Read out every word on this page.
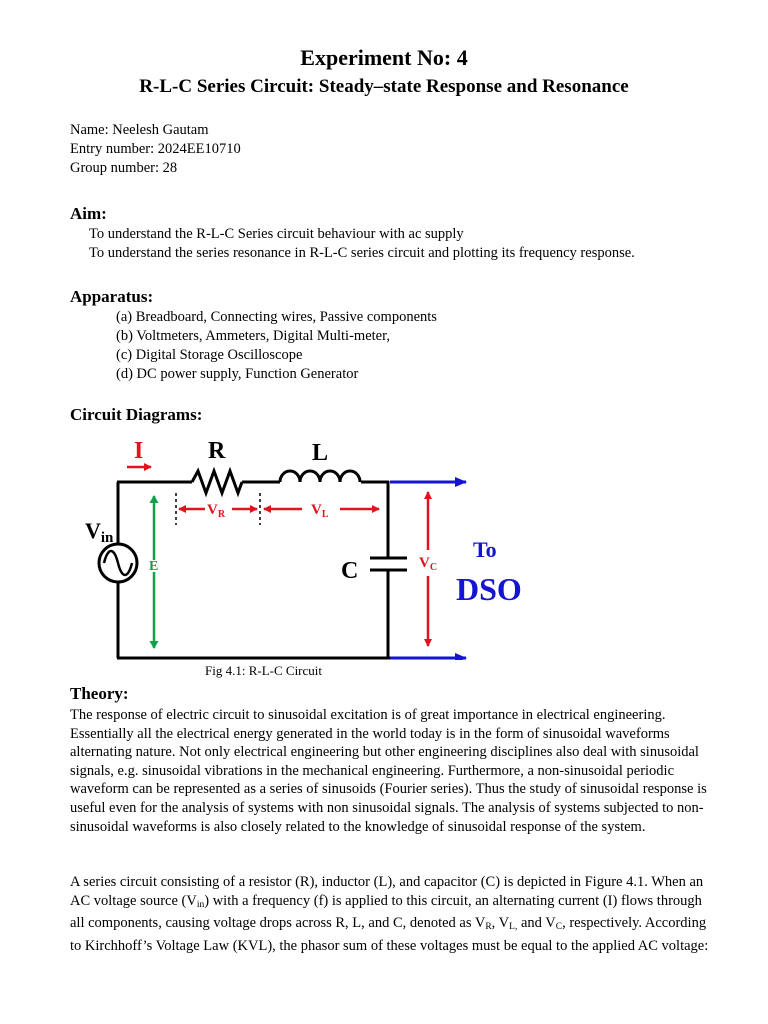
Experiment No: 4
R-L-C Series Circuit: Steady–state Response and Resonance
Name: Neelesh Gautam
Entry number: 2024EE10710
Group number: 28
Aim:
To understand the R-L-C Series circuit behaviour with ac supply
To understand the series resonance in R-L-C series circuit and plotting its frequency response.
Apparatus:
(a) Breadboard, Connecting wires, Passive components
(b) Voltmeters, Ammeters, Digital Multi-meter,
(c) Digital Storage Oscilloscope
(d) DC power supply, Function Generator
Circuit Diagrams:
I	R	L
C
Vin
E
$V_R$	$V_L$
$V_C$
To
DSO
Fig 4.1: R-L-C Circuit
Theory:
The response of electric circuit to sinusoidal excitation is of great importance in electrical engineering. Essentially all the electrical energy generated in the world today is in the form of sinusoidal waveforms alternating nature. Not only electrical engineering but other engineering disciplines also deal with sinusoidal signals, e.g. sinusoidal vibrations in the mechanical engineering. Furthermore, a non-sinusoidal periodic waveform can be represented as a series of sinusoids (Fourier series). Thus the study of sinusoidal response is useful even for the analysis of systems with non sinusoidal signals. The analysis of systems subjected to non-sinusoidal waveforms is also closely related to the knowledge of sinusoidal response of the system.
A series circuit consisting of a resistor (R), inductor (L), and capacitor (C) is depicted in Figure 4.1. When an AC voltage source $(V_{in})$ with a frequency (f) is applied to this circuit, an alternating current (I) flows through all components, causing voltage drops across R, L, and C, denoted as $V_R$, $V_{L,}$ and $V_C$, respectively. According to Kirchhoff’s Voltage Law (KVL), the phasor sum of these voltages must be equal to the applied AC voltage:
